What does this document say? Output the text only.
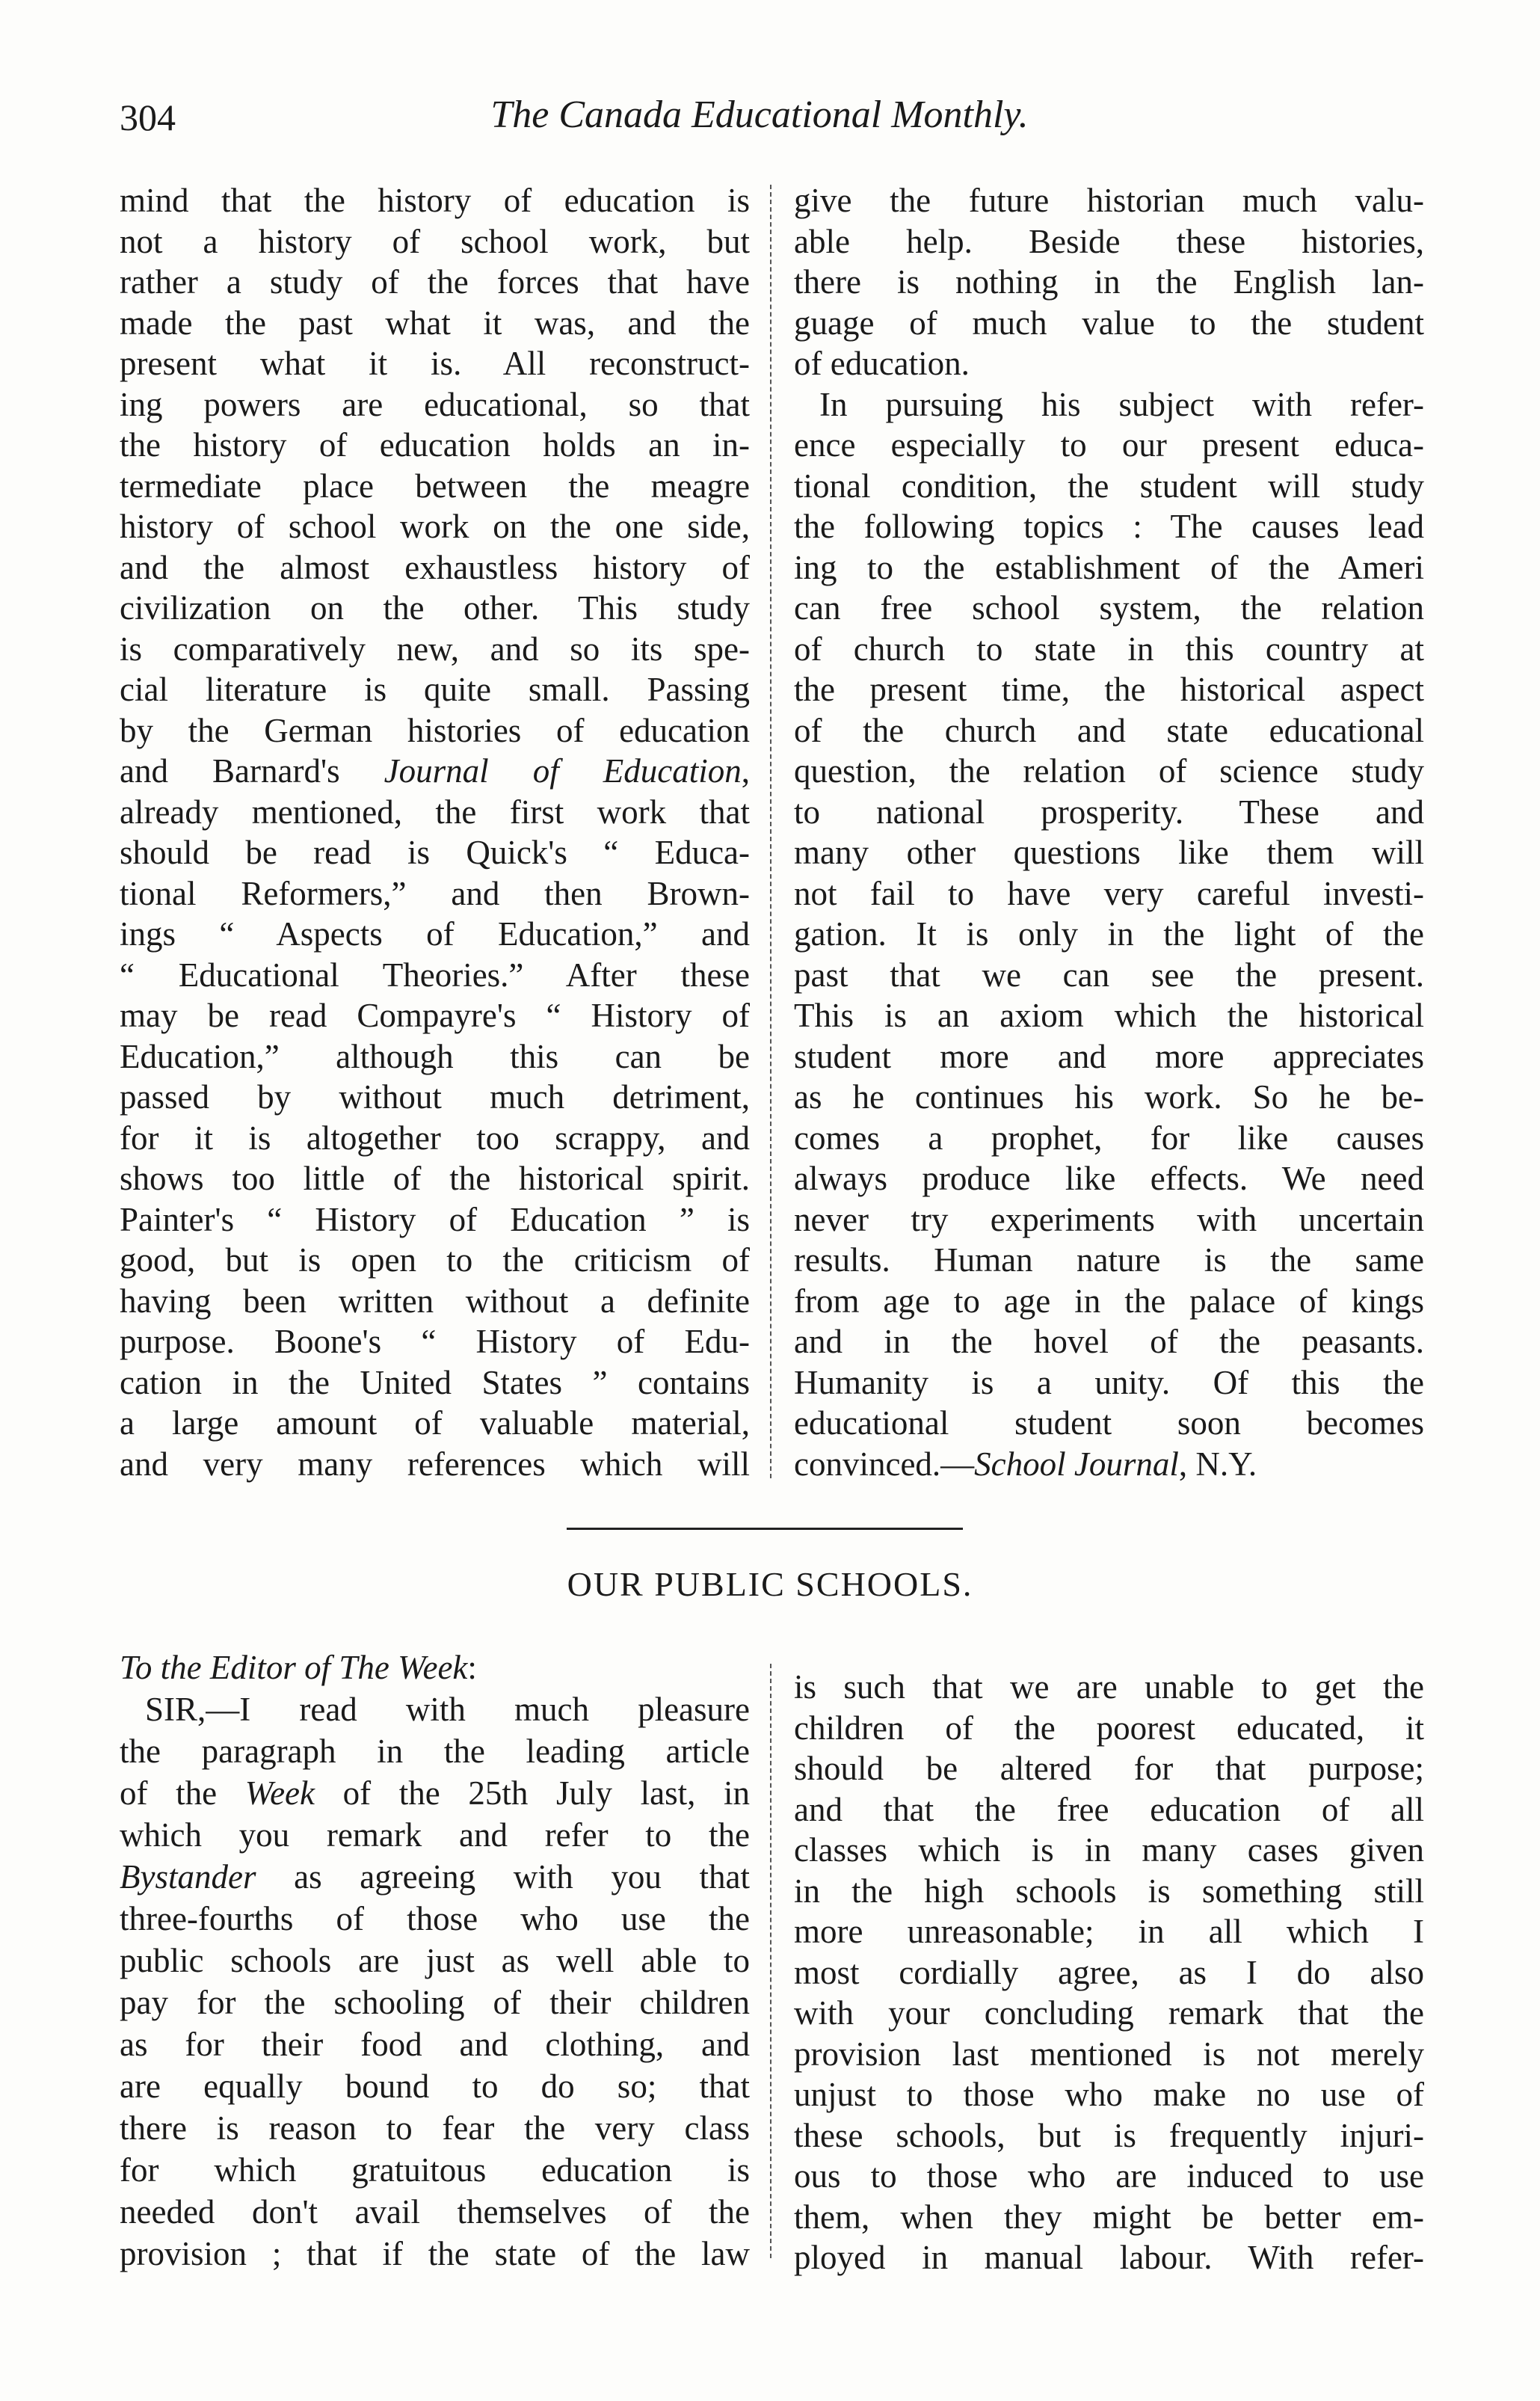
304	The Canada Educational Monthly.
mind that the history of education is
not a history of school work, but
rather a study of the forces that have
made the past what it was, and the
present what it is. All reconstruct-
ing powers are educational, so that
the history of education holds an in-
termediate place between the meagre
history of school work on the one side,
and the almost exhaustless history of
civilization on the other. This study
is comparatively new, and so its spe-
cial literature is quite small. Passing
by the German histories of education
and Barnard's Journal of Education,
already mentioned, the first work that
should be read is Quick's “ Educa-
tional Reformers,” and then Brown-
ings “ Aspects of Education,” and
“ Educational Theories.” After these
may be read Compayre's “ History of
Education,” although this can be
passed by without much detriment,
for it is altogether too scrappy, and
shows too little of the historical spirit.
Painter's “ History of Education ” is
good, but is open to the criticism of
having been written without a definite
purpose. Boone's “ History of Edu-
cation in the United States ” contains
a large amount of valuable material,
and very many references which will
give the future historian much valu-
able help. Beside these histories,
there is nothing in the English lan-
guage of much value to the student
of education.
In pursuing his subject with refer-
ence especially to our present educa-
tional condition, the student will study
the following topics : The causes lead
ing to the establishment of the Ameri
can free school system, the relation
of church to state in this country at
the present time, the historical aspect
of the church and state educational
question, the relation of science study
to national prosperity. These and
many other questions like them will
not fail to have very careful investi-
gation. It is only in the light of the
past that we can see the present.
This is an axiom which the historical
student more and more appreciates
as he continues his work. So he be-
comes a prophet, for like causes
always produce like effects. We need
never try experiments with uncertain
results. Human nature is the same
from age to age in the palace of kings
and in the hovel of the peasants.
Humanity is a unity. Of this the
educational student soon becomes
convinced.—School Journal, N.Y.
OUR PUBLIC SCHOOLS.
To the Editor of The Week:
SIR,—I read with much pleasure
the paragraph in the leading article
of the Week of the 25th July last, in
which you remark and refer to the
Bystander as agreeing with you that
three-fourths of those who use the
public schools are just as well able to
pay for the schooling of their children
as for their food and clothing, and
are equally bound to do so; that
there is reason to fear the very class
for which gratuitous education is
needed don't avail themselves of the
provision ; that if the state of the law
is such that we are unable to get the
children of the poorest educated, it
should be altered for that purpose;
and that the free education of all
classes which is in many cases given
in the high schools is something still
more unreasonable; in all which I
most cordially agree, as I do also
with your concluding remark that the
provision last mentioned is not merely
unjust to those who make no use of
these schools, but is frequently injuri-
ous to those who are induced to use
them, when they might be better em-
ployed in manual labour. With refer-
